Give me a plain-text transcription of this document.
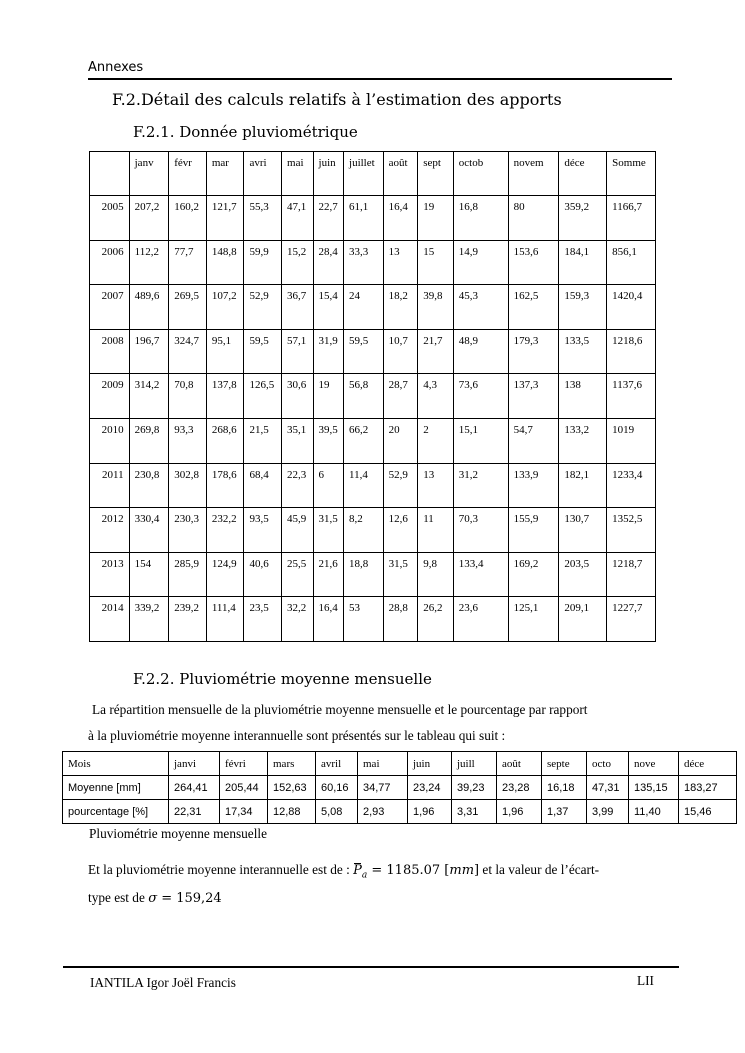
Annexes
F.2.Détail des calculs relatifs à l’estimation des apports
F.2.1. Donnée pluviométrique
	janv	févr	mar	avri	mai	juin	juillet	août	sept	octob	novem	déce	Somme
2005	207,2	160,2	121,7	55,3	47,1	22,7	61,1	16,4	19	16,8	80	359,2	1166,7
2006	112,2	77,7	148,8	59,9	15,2	28,4	33,3	13	15	14,9	153,6	184,1	856,1
2007	489,6	269,5	107,2	52,9	36,7	15,4	24	18,2	39,8	45,3	162,5	159,3	1420,4
2008	196,7	324,7	95,1	59,5	57,1	31,9	59,5	10,7	21,7	48,9	179,3	133,5	1218,6
2009	314,2	70,8	137,8	126,5	30,6	19	56,8	28,7	4,3	73,6	137,3	138	1137,6
2010	269,8	93,3	268,6	21,5	35,1	39,5	66,2	20	2	15,1	54,7	133,2	1019
2011	230,8	302,8	178,6	68,4	22,3	6	11,4	52,9	13	31,2	133,9	182,1	1233,4
2012	330,4	230,3	232,2	93,5	45,9	31,5	8,2	12,6	11	70,3	155,9	130,7	1352,5
2013	154	285,9	124,9	40,6	25,5	21,6	18,8	31,5	9,8	133,4	169,2	203,5	1218,7
2014	339,2	239,2	111,4	23,5	32,2	16,4	53	28,8	26,2	23,6	125,1	209,1	1227,7
F.2.2. Pluviométrie moyenne mensuelle
La répartition mensuelle de la pluviométrie moyenne mensuelle et le pourcentage par rapport
à la pluviométrie moyenne interannuelle sont présentés sur le tableau qui suit :
Mois	janvi	févri	mars	avril	mai	juin	juill	août	septe	octo	nove	déce
Moyenne [mm]	264,41	205,44	152,63	60,16	34,77	23,24	39,23	23,28	16,18	47,31	135,15	183,27
pourcentage [%]	22,31	17,34	12,88	5,08	2,93	1,96	3,31	1,96	1,37	3,99	11,40	15,46
Pluviométrie moyenne mensuelle
Et la pluviométrie moyenne interannuelle est de : $P_a = 1185.07$ [mm] et la valeur de l’écart-
type est de σ = 159,24
IANTILA Igor Joël Francis	LII
